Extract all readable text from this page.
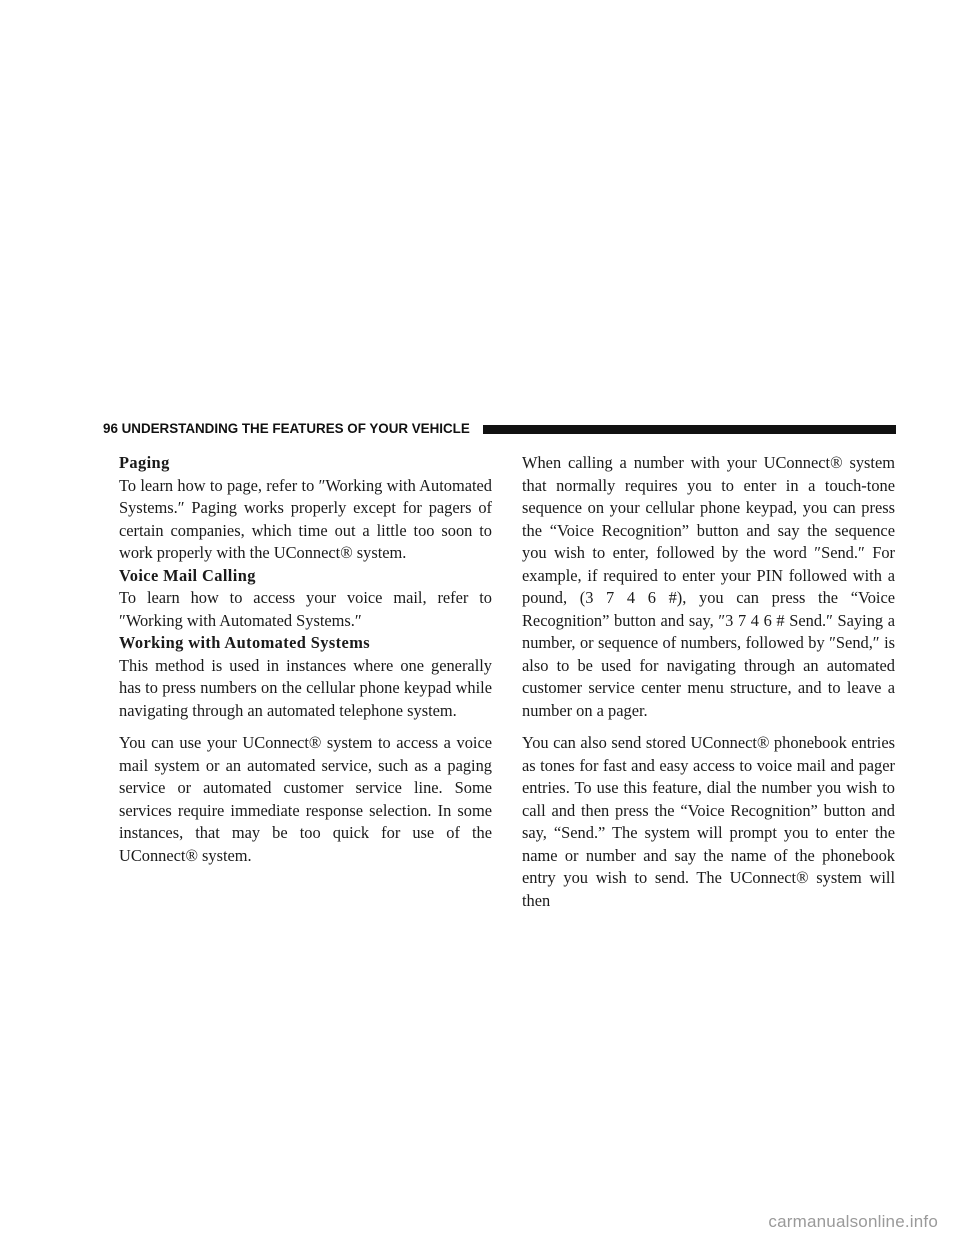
96 UNDERSTANDING THE FEATURES OF YOUR VEHICLE

Paging

To learn how to page, refer to ″Working with Automated Systems.″ Paging works properly except for pagers of certain companies, which time out a little too soon to work properly with the UConnect® system.

Voice Mail Calling

To learn how to access your voice mail, refer to ″Working with Automated Systems.″

Working with Automated Systems

This method is used in instances where one generally has to press numbers on the cellular phone keypad while navigating through an automated telephone system.

You can use your UConnect® system to access a voice mail system or an automated service, such as a paging service or automated customer service line. Some services require immediate response selection. In some instances, that may be too quick for use of the UConnect® system.

When calling a number with your UConnect® system that normally requires you to enter in a touch-tone sequence on your cellular phone keypad, you can press the “Voice Recognition” button and say the sequence you wish to enter, followed by the word ″Send.″ For example, if required to enter your PIN followed with a pound, (3 7 4 6 #), you can press the “Voice Recognition” button and say, ″3 7 4 6 # Send.″ Saying a number, or sequence of numbers, followed by ″Send,″ is also to be used for navigating through an automated customer service center menu structure, and to leave a number on a pager.

You can also send stored UConnect® phonebook entries as tones for fast and easy access to voice mail and pager entries. To use this feature, dial the number you wish to call and then press the “Voice Recognition” button and say, “Send.” The system will prompt you to enter the name or number and say the name of the phonebook entry you wish to send. The UConnect® system will then

carmanualsonline.info
